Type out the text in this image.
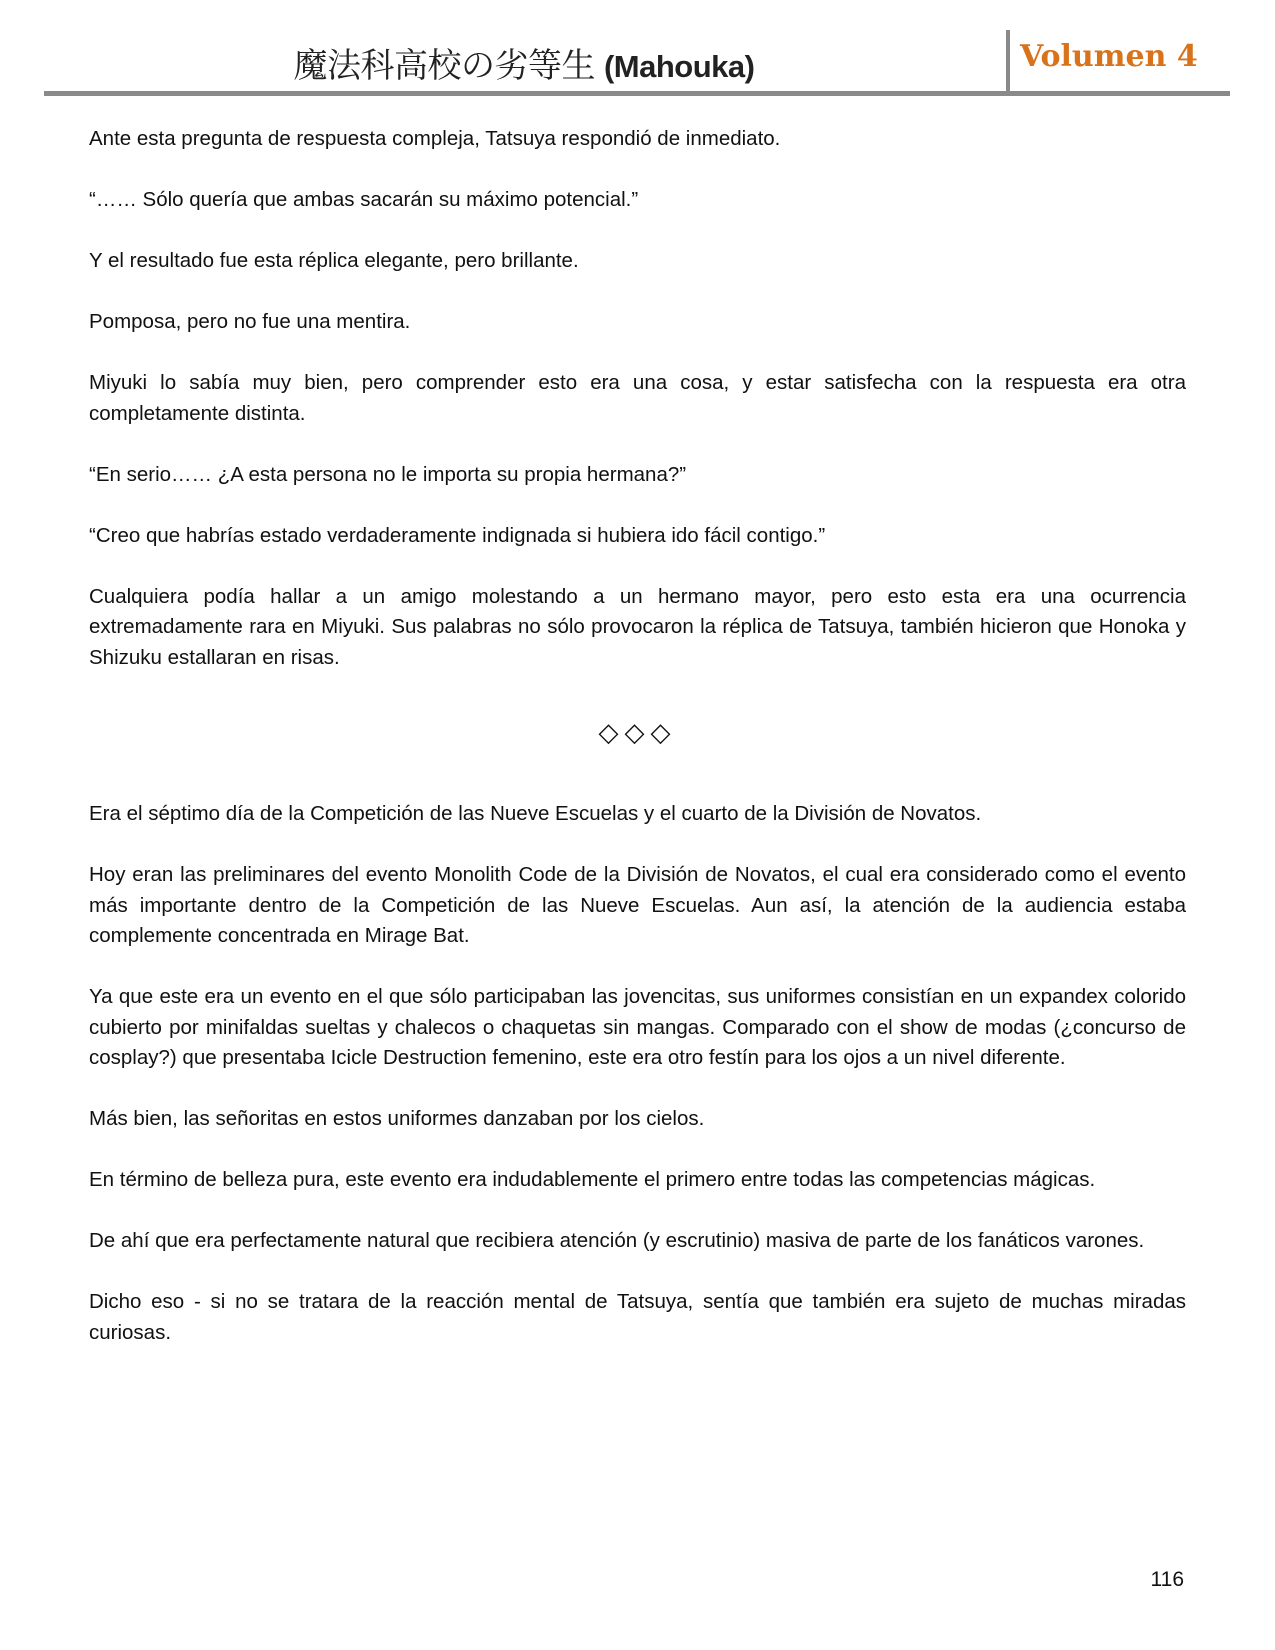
魔法科高校の劣等生 (Mahouka)	Volumen 4

Ante esta pregunta de respuesta compleja, Tatsuya respondió de inmediato.

“…… Sólo quería que ambas sacarán su máximo potencial.”

Y el resultado fue esta réplica elegante, pero brillante.

Pomposa, pero no fue una mentira.

Miyuki lo sabía muy bien, pero comprender esto era una cosa, y estar satisfecha con la respuesta era otra completamente distinta.

“En serio…… ¿A esta persona no le importa su propia hermana?”

“Creo que habrías estado verdaderamente indignada si hubiera ido fácil contigo.”

Cualquiera podía hallar a un amigo molestando a un hermano mayor, pero esto esta era una ocurrencia extremadamente rara en Miyuki. Sus palabras no sólo provocaron la réplica de Tatsuya, también hicieron que Honoka y Shizuku estallaran en risas.

◇◇◇

Era el séptimo día de la Competición de las Nueve Escuelas y el cuarto de la División de Novatos.

Hoy eran las preliminares del evento Monolith Code de la División de Novatos, el cual era considerado como el evento más importante dentro de la Competición de las Nueve Escuelas. Aun así, la atención de la audiencia estaba complemente concentrada en Mirage Bat.

Ya que este era un evento en el que sólo participaban las jovencitas, sus uniformes consistían en un expandex colorido cubierto por minifaldas sueltas y chalecos o chaquetas sin mangas. Comparado con el show de modas (¿concurso de cosplay?) que presentaba Icicle Destruction femenino, este era otro festín para los ojos a un nivel diferente.

Más bien, las señoritas en estos uniformes danzaban por los cielos.

En término de belleza pura, este evento era indudablemente el primero entre todas las competencias mágicas.

De ahí que era perfectamente natural que recibiera atención (y escrutinio) masiva de parte de los fanáticos varones.

Dicho eso - si no se tratara de la reacción mental de Tatsuya, sentía que también era sujeto de muchas miradas curiosas.

116
